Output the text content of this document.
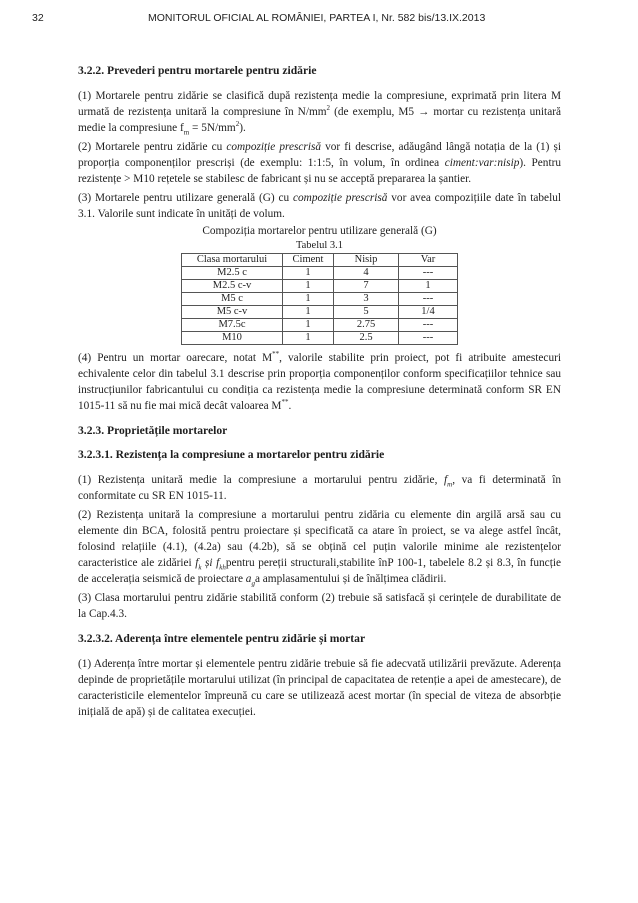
32	MONITORUL OFICIAL AL ROMÂNIEI, PARTEA I, Nr. 582 bis/13.IX.2013

3.2.2. Prevederi pentru mortarele pentru zidărie

(1) Mortarele pentru zidărie se clasifică după rezistența medie la compresiune, exprimată prin litera M urmată de rezistența unitară la compresiune în $N/mm^2$ (de exemplu, M5 → mortar cu rezistența unitară medie la compresiune $f_m = 5N/mm^2$).

(2) Mortarele pentru zidărie cu compoziție prescrisă vor fi descrise, adăugând lângă notația de la (1) și proporția componenților prescriși (de exemplu: 1:1:5, în volum, în ordinea ciment:var:nisip). Pentru rezistențe > M10 rețetele se stabilesc de fabricant și nu se acceptă prepararea la șantier.

(3) Mortarele pentru utilizare generală (G) cu compoziție prescrisă vor avea compozițiile date în tabelul 3.1. Valorile sunt indicate în unități de volum.

Compoziția mortarelor pentru utilizare generală (G)

Tabelul 3.1

Clasa mortarului	Ciment	Nisip	Var
M2.5 c	1	4	---
M2.5 c-v	1	7	1
M5 c	1	3	---
M5 c-v	1	5	1/4
M7.5c	1	2.75	---
M10	1	2.5	---

(4) Pentru un mortar oarecare, notat M**, valorile stabilite prin proiect, pot fi atribuite amestecuri echivalente celor din tabelul 3.1 descrise prin proporția componenților conform specificațiilor tehnice sau instrucțiunilor fabricantului cu condiția ca rezistența medie la compresiune determinată conform SR EN 1015-11 să nu fie mai mică decât valoarea M**.

3.2.3. Proprietățile mortarelor

3.2.3.1. Rezistența la compresiune a mortarelor pentru zidărie

(1) Rezistența unitară medie la compresiune a mortarului pentru zidărie, $f_m$, va fi determinată în conformitate cu SR EN 1015-11.

(2) Rezistența unitară la compresiune a mortarului pentru zidăria cu elemente din argilă arsă sau cu elemente din BCA, folosită pentru proiectare și specificată ca atare în proiect, se va alege astfel încât, folosind relațiile (4.1), (4.2a) sau (4.2b), să se obțină cel puțin valorile minime ale rezistențelor caracteristice ale zidăriei $f_k$ și $f_{kh}pentru$ pereții structurali,stabilite înP 100-1, tabelele 8.2 și 8.3, în funcție de accelerația seismică de proiectare $a_ga$ amplasamentului și de înălțimea clădirii.

(3) Clasa mortarului pentru zidărie stabilită conform (2) trebuie să satisfacă și cerințele de durabilitate de la Cap.4.3.

3.2.3.2. Aderența între elementele pentru zidărie și mortar

(1) Aderența între mortar și elementele pentru zidărie trebuie să fie adecvată utilizării prevăzute. Aderența depinde de proprietățile mortarului utilizat (în principal de capacitatea de retenție a apei de amestecare), de caracteristicile elementelor împreună cu care se utilizează acest mortar (în special de viteza de absorbție inițială de apă) și de calitatea execuției.
